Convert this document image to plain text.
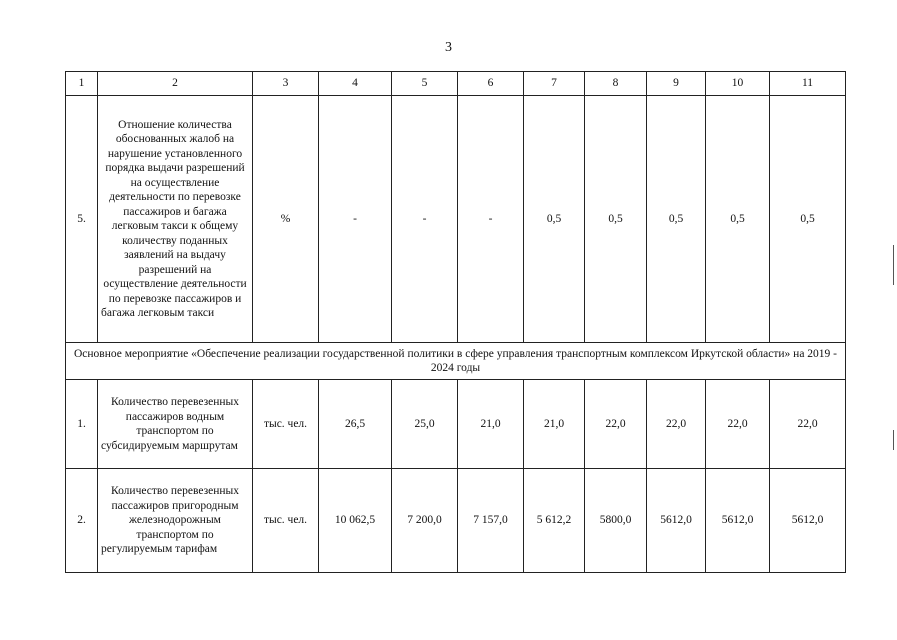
3
1	2	3	4	5	6	7	8	9	10	11
5.	Отношение количества обоснованных жалоб на нарушение установленного порядка выдачи разрешений на осуществление деятельности по перевозке пассажиров и багажа легковым такси к общему количеству поданных заявлений на выдачу разрешений на осуществление деятельности по перевозке пассажиров и багажа легковым такси	%	-	-	-	0,5	0,5	0,5	0,5	0,5
Основное мероприятие «Обеспечение реализации государственной политики в сфере управления транспортным комплексом Иркутской области» на 2019 - 2024 годы										
1.	Количество перевезенных пассажиров водным транспортом по субсидируемым маршрутам	тыс. чел.	26,5	25,0	21,0	21,0	22,0	22,0	22,0	22,0
2.	Количество перевезенных пассажиров пригородным железнодорожным транспортом по регулируемым тарифам	тыс. чел.	10 062,5	7 200,0	7 157,0	5 612,2	5800,0	5612,0	5612,0	5612,0
